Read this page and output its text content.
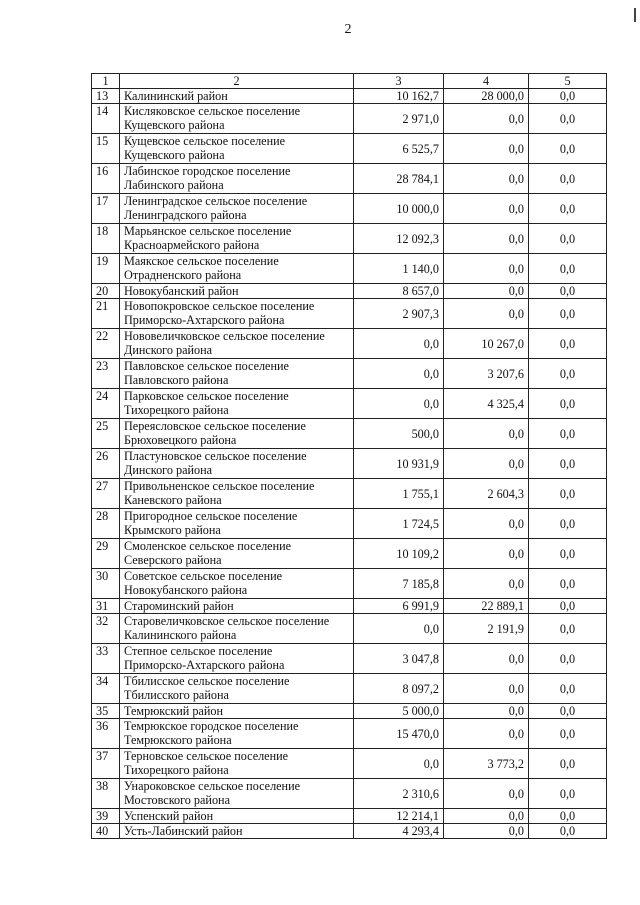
2
1	2	3	4	5
13	Калининский район	10 162,7	28 000,0	0,0
14	Кисляковское сельское поселение
Кущевского района	2 971,0	0,0	0,0
15	Кущевское сельское поселение
Кущевского района	6 525,7	0,0	0,0
16	Лабинское городское поселение
Лабинского района	28 784,1	0,0	0,0
17	Ленинградское сельское поселение
Ленинградского района	10 000,0	0,0	0,0
18	Марьянское сельское поселение
Красноармейского района	12 092,3	0,0	0,0
19	Маякское сельское поселение
Отрадненского района	1 140,0	0,0	0,0
20	Новокубанский район	8 657,0	0,0	0,0
21	Новопокровское сельское поселение
Приморско-Ахтарского района	2 907,3	0,0	0,0
22	Нововеличковское сельское поселение
Динского района	0,0	10 267,0	0,0
23	Павловское сельское поселение
Павловского района	0,0	3 207,6	0,0
24	Парковское сельское поселение
Тихорецкого района	0,0	4 325,4	0,0
25	Переясловское сельское поселение
Брюховецкого района	500,0	0,0	0,0
26	Пластуновское сельское поселение
Динского района	10 931,9	0,0	0,0
27	Привольненское сельское поселение
Каневского района	1 755,1	2 604,3	0,0
28	Пригородное сельское поселение
Крымского района	1 724,5	0,0	0,0
29	Смоленское сельское поселение
Северского района	10 109,2	0,0	0,0
30	Советское сельское поселение
Новокубанского района	7 185,8	0,0	0,0
31	Староминский район	6 991,9	22 889,1	0,0
32	Старовеличковское сельское поселение
Калининского района	0,0	2 191,9	0,0
33	Степное сельское поселение
Приморско-Ахтарского района	3 047,8	0,0	0,0
34	Тбилисское сельское поселение
Тбилисского района	8 097,2	0,0	0,0
35	Темрюкский район	5 000,0	0,0	0,0
36	Темрюкское городское поселение
Темрюкского района	15 470,0	0,0	0,0
37	Терновское сельское поселение
Тихорецкого района	0,0	3 773,2	0,0
38	Унароковское сельское поселение
Мостовского района	2 310,6	0,0	0,0
39	Успенский район	12 214,1	0,0	0,0
40	Усть-Лабинский район	4 293,4	0,0	0,0
